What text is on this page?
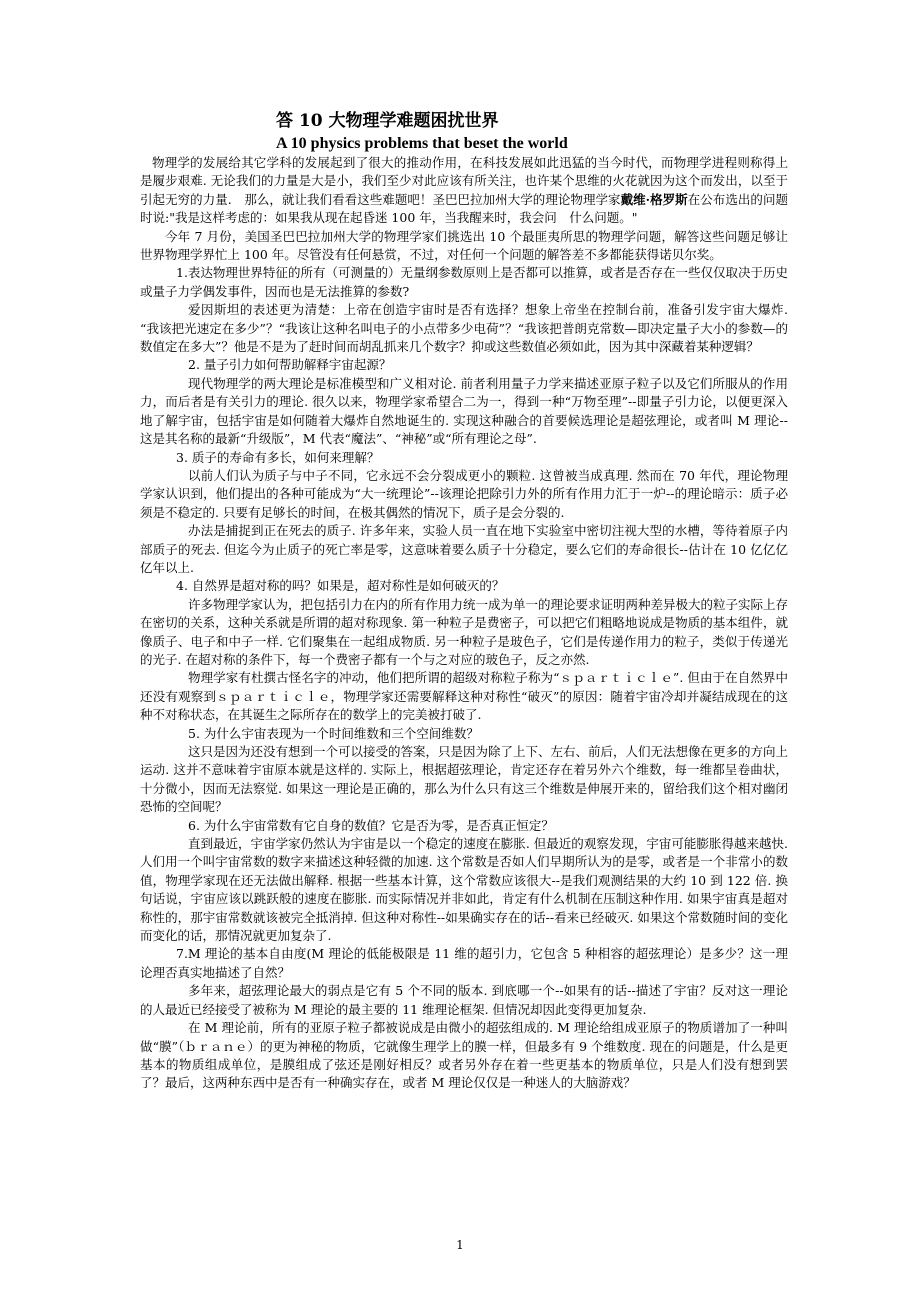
答 10 大物理学难题困扰世界
A 10 physics problems that beset the world

物理学的发展给其它学科的发展起到了很大的推动作用，在科技发展如此迅猛的当今时代，而物理学进程则称得上是履步艰难. 无论我们的力量是大是小，我们至少对此应该有所关注，也许某个思维的火花就因为这个而发出，以至于引起无穷的力量.　那么，就让我们看看这些难题吧！圣巴巴拉加州大学的理论物理学家戴维·格罗斯在公布选出的问题时说:"我是这样考虑的：如果我从现在起昏迷 100 年，当我醒来时，我会问　什么问题。"

今年 7 月份，美国圣巴巴拉加州大学的物理学家们挑选出 10 个最匪夷所思的物理学问题，解答这些问题足够让世界物理学界忙上 100 年。尽管没有任何悬赏，不过，对任何一个问题的解答差不多都能获得诺贝尔奖。

1.表达物理世界特征的所有（可测量的）无量纲参数原则上是否都可以推算，或者是否存在一些仅仅取决于历史或量子力学偶发事件，因而也是无法推算的参数?

爱因斯坦的表述更为清楚：上帝在创造宇宙时是否有选择？想象上帝坐在控制台前，准备引发宇宙大爆炸. “我该把光速定在多少”？“我该让这种名叫电子的小点带多少电荷”？“我该把普朗克常数—即决定量子大小的参数—的数值定在多大”？他是不是为了赶时间而胡乱抓来几个数字？抑或这些数值必须如此，因为其中深藏着某种逻辑？

2. 量子引力如何帮助解释宇宙起源？

现代物理学的两大理论是标准模型和广义相对论. 前者利用量子力学来描述亚原子粒子以及它们所服从的作用力，而后者是有关引力的理论. 很久以来，物理学家希望合二为一，得到一种“万物至理”--即量子引力论，以便更深入地了解宇宙，包括宇宙是如何随着大爆炸自然地诞生的. 实现这种融合的首要候选理论是超弦理论，或者叫 M 理论--这是其名称的最新“升级版”，M 代表“魔法”、“神秘”或“所有理论之母”.

3. 质子的寿命有多长，如何来理解？

以前人们认为质子与中子不同，它永远不会分裂成更小的颗粒. 这曾被当成真理. 然而在 70 年代，理论物理学家认识到，他们提出的各种可能成为“大一统理论”--该理论把除引力外的所有作用力汇于一炉--的理论暗示：质子必须是不稳定的. 只要有足够长的时间，在极其偶然的情况下，质子是会分裂的.

办法是捕捉到正在死去的质子. 许多年来，实验人员一直在地下实验室中密切注视大型的水槽，等待着原子内部质子的死去. 但迄今为止质子的死亡率是零，这意味着要么质子十分稳定，要么它们的寿命很长--估计在 10 亿亿亿亿年以上.

4. 自然界是超对称的吗？如果是，超对称性是如何破灭的？

许多物理学家认为，把包括引力在内的所有作用力统一成为单一的理论要求证明两种差异极大的粒子实际上存在密切的关系，这种关系就是所谓的超对称现象. 第一种粒子是费密子，可以把它们粗略地说成是物质的基本组件，就像质子、电子和中子一样. 它们聚集在一起组成物质. 另一种粒子是玻色子，它们是传递作用力的粒子，类似于传递光的光子. 在超对称的条件下，每一个费密子都有一个与之对应的玻色子，反之亦然.

物理学家有杜撰古怪名字的冲动，他们把所谓的超级对称粒子称为“ｓｐａｒｔｉｃｌｅ”. 但由于在自然界中还没有观察到ｓｐａｒｔｉｃｌｅ，物理学家还需要解释这种对称性“破灭”的原因：随着宇宙冷却并凝结成现在的这种不对称状态，在其诞生之际所存在的数学上的完美被打破了.

5. 为什么宇宙表现为一个时间维数和三个空间维数？

这只是因为还没有想到一个可以接受的答案，只是因为除了上下、左右、前后，人们无法想像在更多的方向上运动. 这并不意味着宇宙原本就是这样的. 实际上，根据超弦理论，肯定还存在着另外六个维数，每一维都呈卷曲状，十分微小，因而无法察觉. 如果这一理论是正确的，那么为什么只有这三个维数是伸展开来的，留给我们这个相对幽闭恐怖的空间呢？

6. 为什么宇宙常数有它自身的数值？它是否为零，是否真正恒定？

直到最近，宇宙学家仍然认为宇宙是以一个稳定的速度在膨胀. 但最近的观察发现，宇宙可能膨胀得越来越快. 人们用一个叫宇宙常数的数字来描述这种轻微的加速. 这个常数是否如人们早期所认为的是零，或者是一个非常小的数值，物理学家现在还无法做出解释. 根据一些基本计算，这个常数应该很大--是我们观测结果的大约 10 到 122 倍. 换句话说，宇宙应该以跳跃般的速度在膨胀. 而实际情况并非如此，肯定有什么机制在压制这种作用. 如果宇宙真是超对称性的，那宇宙常数就该被完全抵消掉. 但这种对称性--如果确实存在的话--看来已经破灭. 如果这个常数随时间的变化而变化的话，那情况就更加复杂了.

7.M 理论的基本自由度(M 理论的低能极限是 11 维的超引力，它包含 5 种相容的超弦理论）是多少？这一理论理否真实地描述了自然？

多年来，超弦理论最大的弱点是它有 5 个不同的版本. 到底哪一个--如果有的话--描述了宇宙？反对这一理论的人最近已经接受了被称为 M 理论的最主要的 11 维理论框架. 但情况却因此变得更加复杂.

在 M 理论前，所有的亚原子粒子都被说成是由微小的超弦组成的. M 理论给组成亚原子的物质谱加了一种叫做“膜”（ｂｒａｎｅ）的更为神秘的物质，它就像生理学上的膜一样，但最多有 9 个维数度. 现在的问题是，什么是更基本的物质组成单位，是膜组成了弦还是刚好相反？或者另外存在着一些更基本的物质单位，只是人们没有想到罢了？最后，这两种东西中是否有一种确实存在，或者 M 理论仅仅是一种迷人的大脑游戏？

1
